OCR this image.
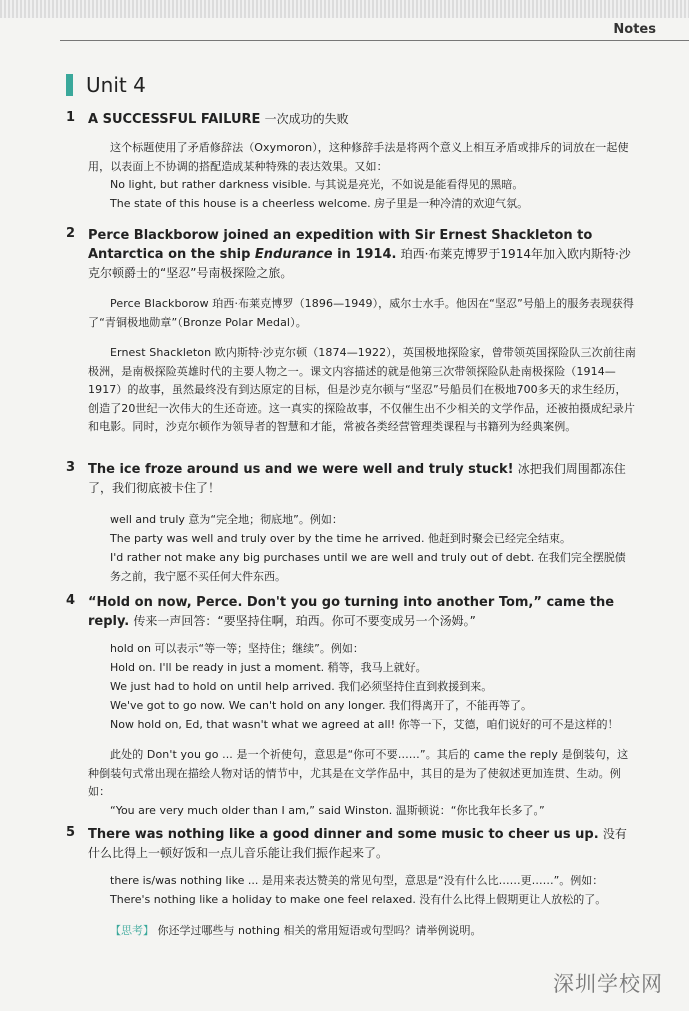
Notes
Unit 4
1 A SUCCESSFUL FAILURE 一次成功的失败
这个标题使用了矛盾修辞法（Oxymoron），这种修辞手法是将两个意义上相互矛盾或排斥的词放在一起使用，以表面上不协调的搭配造成某种特殊的表达效果。又如：
No light, but rather darkness visible. 与其说是亮光，不如说是能看得见的黑暗。
The state of this house is a cheerless welcome. 房子里是一种冷清的欢迎气氛。
2 Perce Blackborow joined an expedition with Sir Ernest Shackleton to Antarctica on the ship Endurance in 1914. 珀西·布莱克博罗于1914年加入欧内斯特·沙克尔顿爵士的“坚忍”号南极探险之旅。
Perce Blackborow 珀西·布莱克博罗（1896—1949），威尔士水手。他因在“坚忍”号船上的服务表现获得了“青铜极地勋章”（Bronze Polar Medal）。
Ernest Shackleton 欧内斯特·沙克尔顿（1874—1922），英国极地探险家，曾带领英国探险队三次前往南极洲，是南极探险英雄时代的主要人物之一。课文内容描述的就是他第三次带领探险队赴南极探险（1914—1917）的故事，虽然最终没有到达原定的目标，但是沙克尔顿与“坚忍”号船员们在极地700多天的求生经历，创造了20世纪一次伟大的生还奇迹。这一真实的探险故事，不仅催生出不少相关的文学作品，还被拍摄成纪录片和电影。同时，沙克尔顿作为领导者的智慧和才能，常被各类经营管理类课程与书籍列为经典案例。
3 The ice froze around us and we were well and truly stuck! 冰把我们周围都冻住了，我们彻底被卡住了！
well and truly 意为“完全地；彻底地”。例如：
The party was well and truly over by the time he arrived. 他赶到时聚会已经完全结束。
I'd rather not make any big purchases until we are well and truly out of debt. 在我们完全摆脱债务之前，我宁愿不买任何大件东西。
4 “Hold on now, Perce. Don't you go turning into another Tom,” came the reply. 传来一声回答：“要坚持住啊，珀西。你可不要变成另一个汤姆。”
hold on 可以表示“等一等；坚持住；继续”。例如：
Hold on. I'll be ready in just a moment. 稍等，我马上就好。
We just had to hold on until help arrived. 我们必须坚持住直到救援到来。
We've got to go now. We can't hold on any longer. 我们得离开了，不能再等了。
Now hold on, Ed, that wasn't what we agreed at all! 你等一下，艾德，咱们说好的可不是这样的！
此处的 Don't you go ... 是一个祈使句，意思是“你可不要……”。其后的 came the reply 是倒装句，这种倒装句式常出现在描绘人物对话的情节中，尤其是在文学作品中，其目的是为了使叙述更加连贯、生动。例如：
“You are very much older than I am,” said Winston. 温斯顿说：“你比我年长多了。”
5 There was nothing like a good dinner and some music to cheer us up. 没有什么比得上一顿好饭和一点儿音乐能让我们振作起来了。
there is/was nothing like ... 是用来表达赞美的常见句型，意思是“没有什么比……更……”。例如：
There's nothing like a holiday to make one feel relaxed. 没有什么比得上假期更让人放松的了。
【思考】 你还学过哪些与 nothing 相关的常用短语或句型吗？请举例说明。
深圳学校网
